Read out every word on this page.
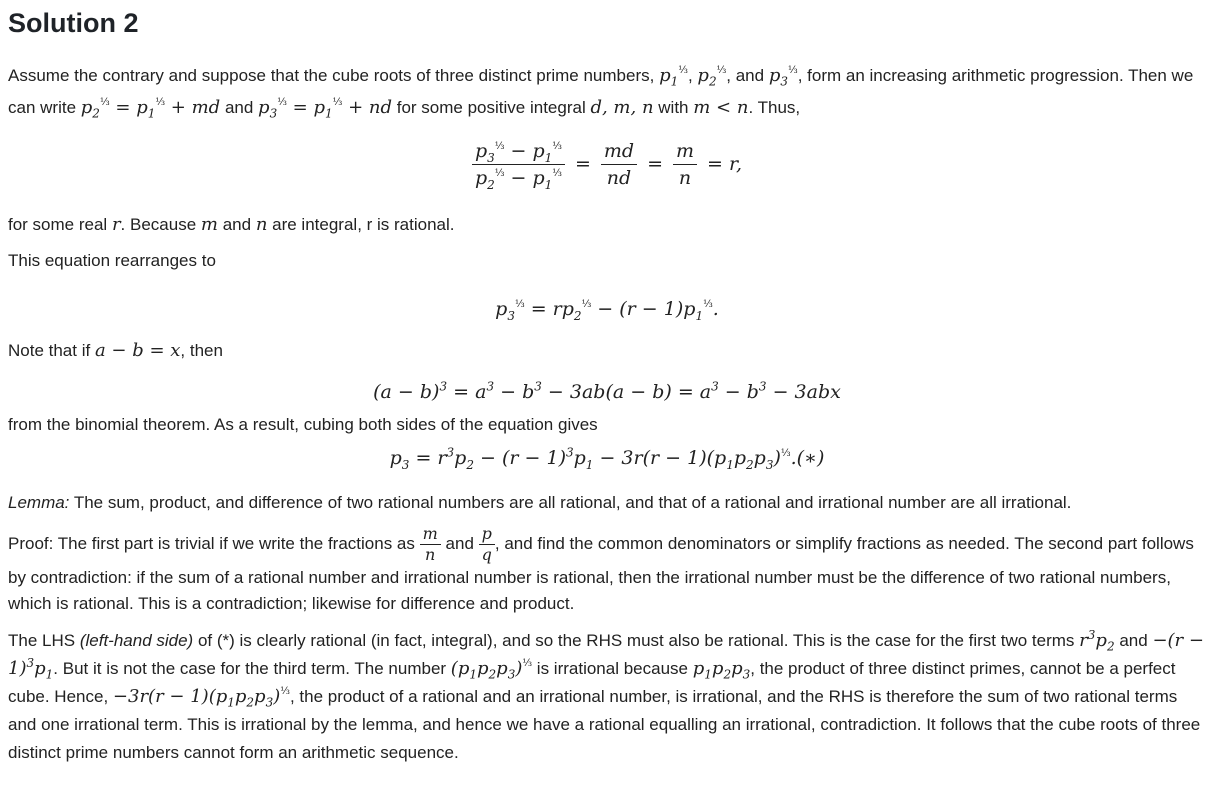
Solution 2

Assume the contrary and suppose that the cube roots of three distinct prime numbers, $p_1^{\frac{1}{3}}$, $p_2^{\frac{1}{3}}$, and $p_3^{\frac{1}{3}}$, form an increasing arithmetic progression. Then we can write $p_2^{\frac{1}{3}} = p_1^{\frac{1}{3}}$ + md and $p_3^{\frac{1}{3}} = p_1^{\frac{1}{3}}$ + nd for some positive integral d, m, n with m < n. Thus,

$\frac{p_3^{\frac{1}{3}} - p_1^{\frac{1}{3}}}{p_2^{\frac{1}{3}} - p_1^{\frac{1}{3}}} = \frac{md}{nd} = \frac{m}{n} = r$,

for some real r. Because m and n are integral, r is rational.

This equation rearranges to

$p_3^{\frac{1}{3}} = rp_2^{\frac{1}{3}} - (r - 1)p_1^{\frac{1}{3}}$.

Note that if a − b = x, then

$(a - b)^3 = a^3 - b^3 - 3ab(a - b) = a^3 - b^3 - 3abx$

from the binomial theorem. As a result, cubing both sides of the equation gives

$p_3 = r^3p_2 - (r - 1)^3p_1 - 3r(r$ − $1)(p_1p_2p_3)^{\frac{1}{3}}.(∗)$

Lemma: The sum, product, and difference of two rational numbers are all rational, and that of a rational and irrational number are all irrational.

Proof: The first part is trivial if we write the fractions as $\frac{m}{n}$ and $\frac{p}{q}$ , and find the common denominators or simplify fractions as needed. The second part follows by contradiction: if the sum of a rational number and irrational number is rational, then the irrational number must be the difference of two rational numbers, which is rational. This is a contradiction; likewise for difference and product.

The LHS (left-hand side) of (*) is clearly rational (in fact, integral), and so the RHS must also be rational. This is the case for the first two terms $r^3p_2$ and $-(r - 1)^3p_1$. But it is not the case for the third term. The number $(p_1p_2p_3)^{\frac{1}{3}}$ is irrational because $p_1p_2p_3$, the product of three distinct primes, cannot be a perfect cube. Hence, $-3r(r - 1)(p_1p_2p_3)^{\frac{1}{3}}$, the product of a rational and an irrational number, is irrational, and the RHS is therefore the sum of two rational terms and one irrational term. This is irrational by the lemma, and hence we have a rational equalling an irrational, contradiction. It follows that the cube roots of three distinct prime numbers cannot form an arithmetic sequence.
